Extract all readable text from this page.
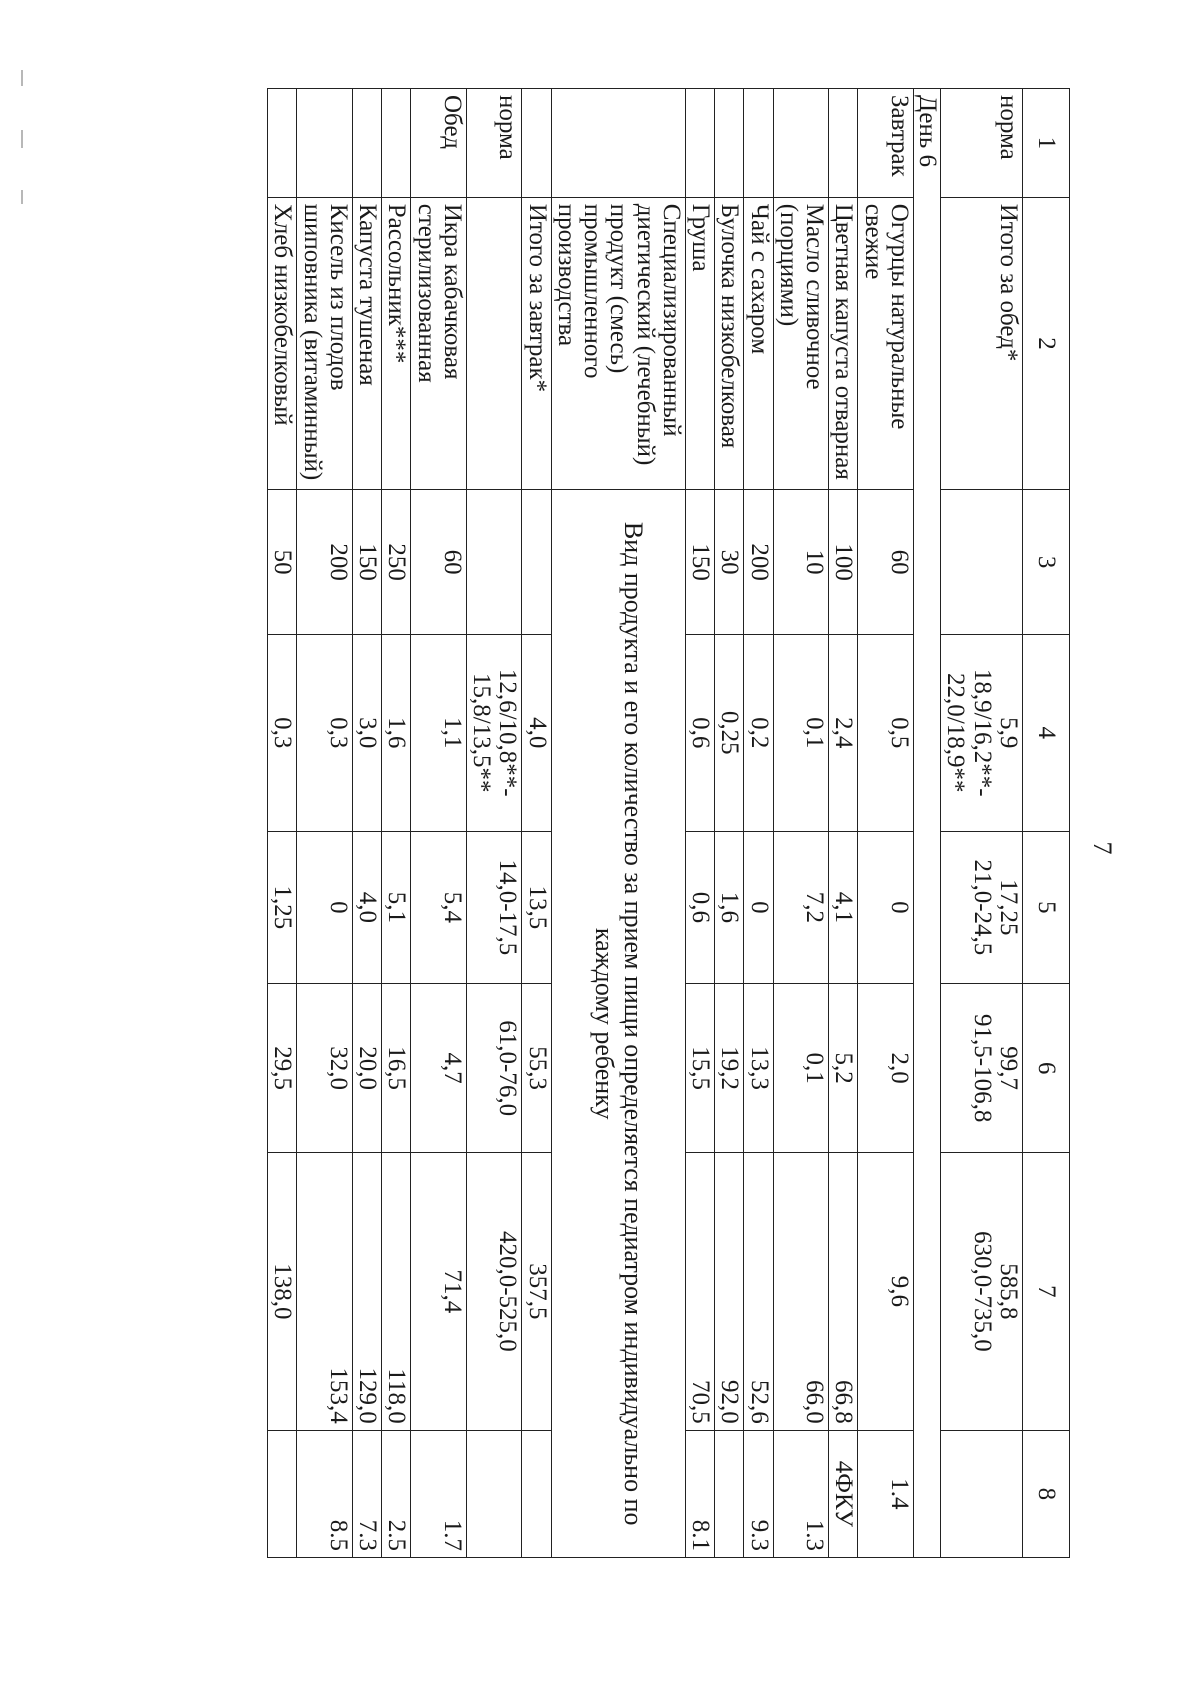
7
1	2	3	4	5	6	7	8
норма	Итого за обед*		5,9
18,9/16,2**-
22,0/18,9**	17,25
21,0-24,5	99,7
91,5-106,8	585,8
630,0-735,0	
День 6							
Завтрак	Огурцы натуральные свежие	60	0,5	0	2,0	9,6	1.4
	Цветная капуста отварная	100	2,4	4,1	5,2	66,8	4ФКУ
	Масло сливочное (порциями)	10	0,1	7,2	0,1	66,0	1.3
	Чай с сахаром	200	0,2	0	13,3	52,6	9.3
	Булочка низкобелковая	30	0,25	1,6	19,2	92,0	
	Груша	150	0,6	0,6	15,5	70,5	8.1
	Специализированный диетический (лечебный) продукт (смесь) промышленного производства	Вид продукта и его количество за прием пищи определяется педиатром индивидуально по каждому ребенку					
	Итого за завтрак*		4,0	13,5	55,3	357,5	
норма			12,6/10,8**-
15,8/13,5**	14,0-17,5	61,0-76,0	420,0-525,0	
Обед	Икра кабачковая стерилизованная	60	1,1	5,4	4,7	71,4	1.7
	Рассольник***	250	1,6	5,1	16,5	118,0	2.5
	Капуста тушеная	150	3,0	4,0	20,0	129,0	7.3
	Кисель из плодов шиповника (витаминный)	200	0,3	0	32,0	153,4	8.5
	Хлеб низкобелковый	50	0,3	1,25	29,5	138,0	
